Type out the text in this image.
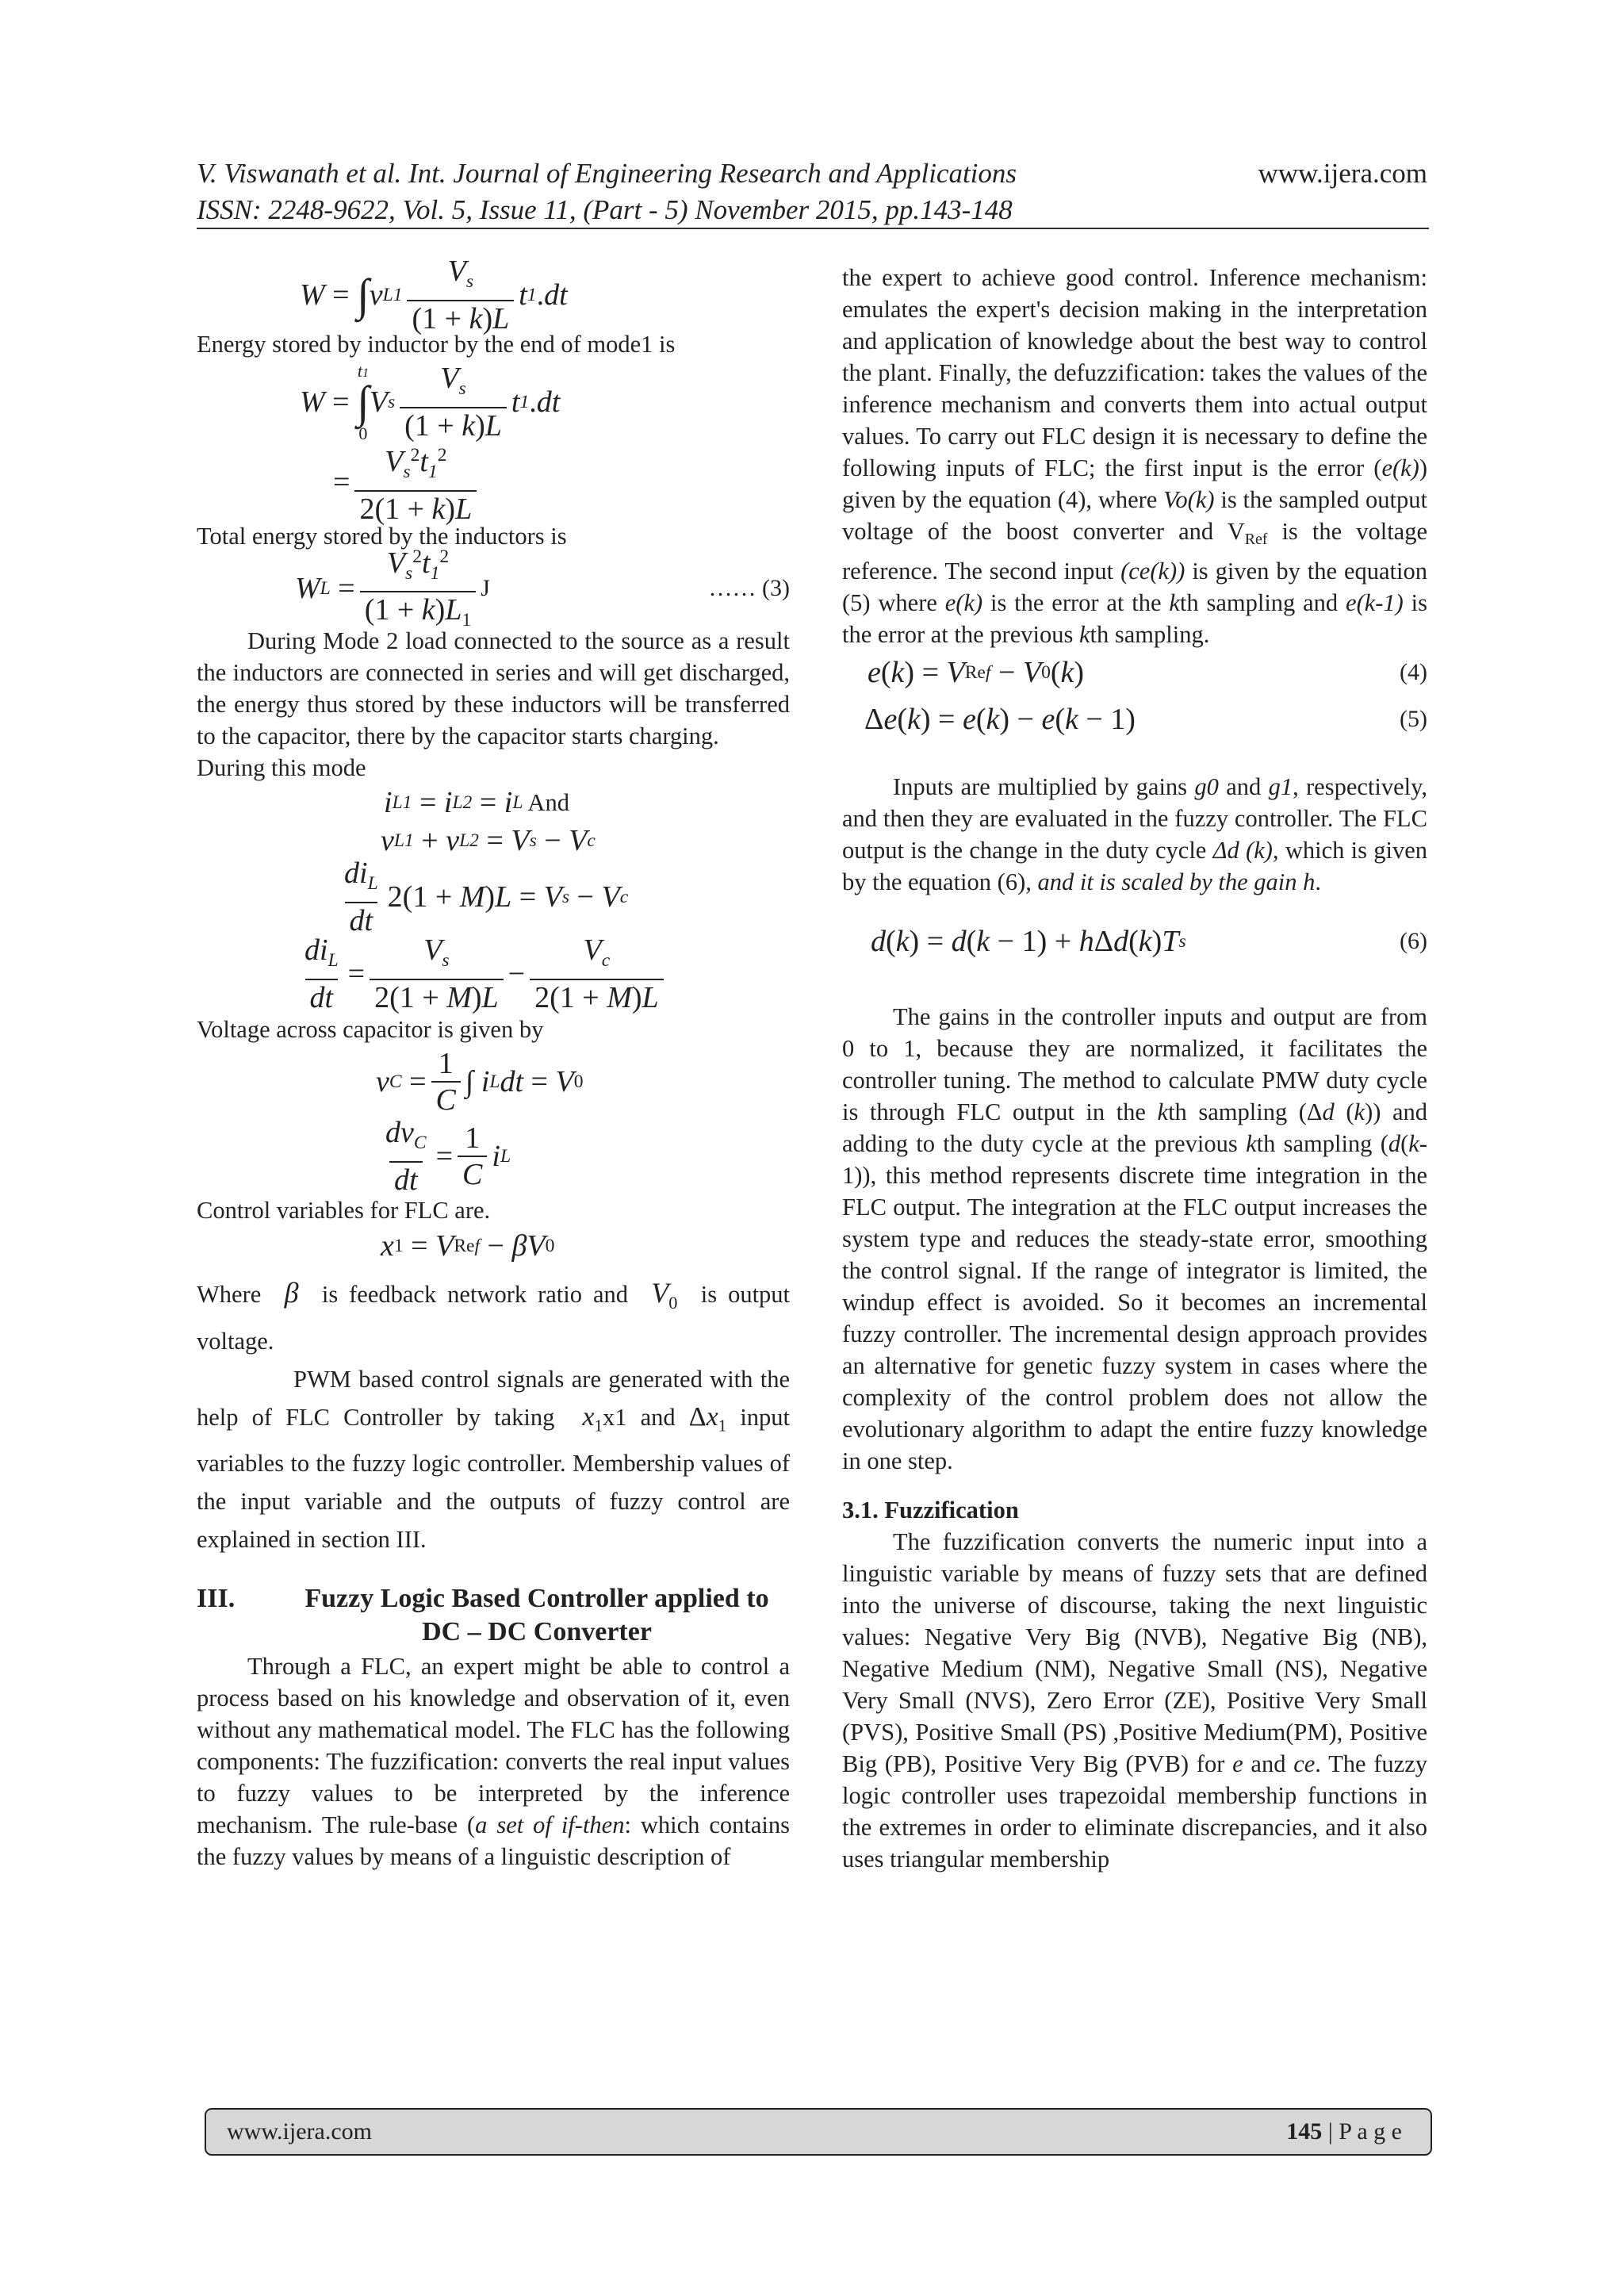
V. Viswanath et al. Int. Journal of Engineering Research and Applications
ISSN: 2248-9622, Vol. 5, Issue 11, (Part - 5) November 2015, pp.143-148
www.ijera.com
W =
∫ v $L1 \frac{V_s}{(1 + k)L}$ t 1 . dt

Energy stored by inductor by the end of mode1 is

W =

t1
∫
0
V s $\frac{V_s}{(1 + k)L}$ t 1 . dt
= $\frac{V_s^2t_1^2}{2(1 + k)L}$

Total energy stored by the inductors is

W L
= $\frac{V_s^2t_1^2}{(1 + k)L_1}$ J	…… (3)

During Mode 2 load connected to the source as a result the inductors are connected in series and will get discharged, the energy thus stored by these inductors will be transferred to the capacitor, there by the capacitor starts charging.

During this mode

i L1
= i L2
= i L And
v L1
+ v L2
= V s
− V c
$\frac{di_L}{dt} 2(1 + M$ ) L = V s
− V c
$\frac{di_L}{dt} = \frac{V_s}{2(1 + M)L} - \frac{V_c}{2(1 + M)L}$

Voltage across capacitor is given by

v C
= $\frac{1}{C}$ ∫ i L dt = V 0
$\frac{dv_C}{dt} = \frac{1}{C}$ i L

Control variables for FLC are.

x 1
= V Re f
− βV 0

Where  β  is feedback network ratio and  $V_0$ is output voltage.

PWM based control signals are generated with the help of FLC Controller by taking  $x_1x1$ and $\Delta x_1$ input variables to the fuzzy logic controller. Membership values of the input variable and the outputs of fuzzy control are explained in section III.

III.	Fuzzy Logic Based Controller applied to DC – DC Converter

Through a FLC, an expert might be able to control a process based on his knowledge and observation of it, even without any mathematical model. The FLC has the following components: The fuzzification: converts the real input values to fuzzy values to be interpreted by the inference mechanism. The rule-base (a set of if-then: which contains the fuzzy values by means of a linguistic description of

the expert to achieve good control. Inference mechanism: emulates the expert's decision making in the interpretation and application of knowledge about the best way to control the plant. Finally, the defuzzification: takes the values of the inference mechanism and converts them into actual output values. To carry out FLC design it is necessary to define the following inputs of FLC; the first input is the error (e(k)) given by the equation (4), where Vo(k) is the sampled output voltage of the boost converter and VRef is the voltage reference. The second input (ce(k)) is given by the equation (5) where e(k) is the error at the kth sampling and e(k-1) is the error at the previous kth sampling.

e ( k )
= V Re f
− V 0 ( k )	(4)
Δ e ( k )
= e ( k )
− e ( k − 1)	(5)

Inputs are multiplied by gains g0 and g1, respectively, and then they are evaluated in the fuzzy controller. The FLC output is the change in the duty cycle Δd (k), which is given by the equation (6), and it is scaled by the gain h.

d ( k )
= d ( k − 1)
+ h Δ d ( k ) T s	(6)

The gains in the controller inputs and output are from 0 to 1, because they are normalized, it facilitates the controller tuning. The method to calculate PMW duty cycle is through FLC output in the kth sampling (Δd (k)) and adding to the duty cycle at the previous kth sampling (d(k-1)), this method represents discrete time integration in the FLC output. The integration at the FLC output increases the system type and reduces the steady-state error, smoothing the control signal. If the range of integrator is limited, the windup effect is avoided. So it becomes an incremental fuzzy controller. The incremental design approach provides an alternative for genetic fuzzy system in cases where the complexity of the control problem does not allow the evolutionary algorithm to adapt the entire fuzzy knowledge in one step.

3.1. Fuzzification

The fuzzification converts the numeric input into a linguistic variable by means of fuzzy sets that are defined into the universe of discourse, taking the next linguistic values: Negative Very Big (NVB), Negative Big (NB), Negative Medium (NM), Negative Small (NS), Negative Very Small (NVS), Zero Error (ZE), Positive Very Small (PVS), Positive Small (PS) ,Positive Medium(PM), Positive Big (PB), Positive Very Big (PVB) for e and ce. The fuzzy logic controller uses trapezoidal membership functions in the extremes in order to eliminate discrepancies, and it also uses triangular membership

www.ijera.com	145 | P a g e
